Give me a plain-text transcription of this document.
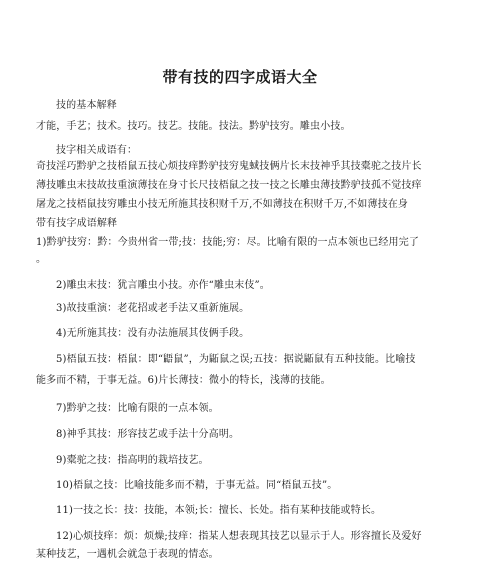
带有技的四字成语大全
技的基本解释
才能，手艺；技术。技巧。技艺。技能。技法。黔驴技穷。雕虫小技。
技字相关成语有：
奇技淫巧黔驴之技梧鼠五技心烦技痒黔驴技穷鬼蜮技俩片长末技神乎其技橐驼之技片长
薄技雕虫末技故技重演薄技在身寸长尺技梧鼠之技一技之长雕虫薄技黔驴技孤不觉技痒
屠龙之技梧鼠技穷雕虫小技无所施其技积财千万,不如薄技在积财千万,不如薄技在身
带有技字成语解释
1)黔驴技穷：黔：今贵州省一带;技：技能;穷：尽。比喻有限的一点本领也已经用完了
。
2)雕虫末技：犹言雕虫小技。亦作“雕虫末伎”。
3)故技重演：老花招或老手法又重新施展。
4)无所施其技：没有办法施展其伎俩手段。
5)梧鼠五技：梧鼠：即“鼯鼠”，为鼫鼠之误;五技：据说鼫鼠有五种技能。比喻技
能多而不精，于事无益。6)片长薄技：微小的特长，浅薄的技能。
7)黔驴之技：比喻有限的一点本领。
8)神乎其技：形容技艺或手法十分高明。
9)橐驼之技：指高明的栽培技艺。
10)梧鼠之技：比喻技能多而不精，于事无益。同“梧鼠五技”。
11)一技之长：技：技能，本领;长：擅长、长处。指有某种技能或特长。
12)心烦技痒：烦：烦燥;技痒：指某人想表现其技艺以显示于人。形容擅长及爱好
某种技艺，一遇机会就急于表现的情态。
